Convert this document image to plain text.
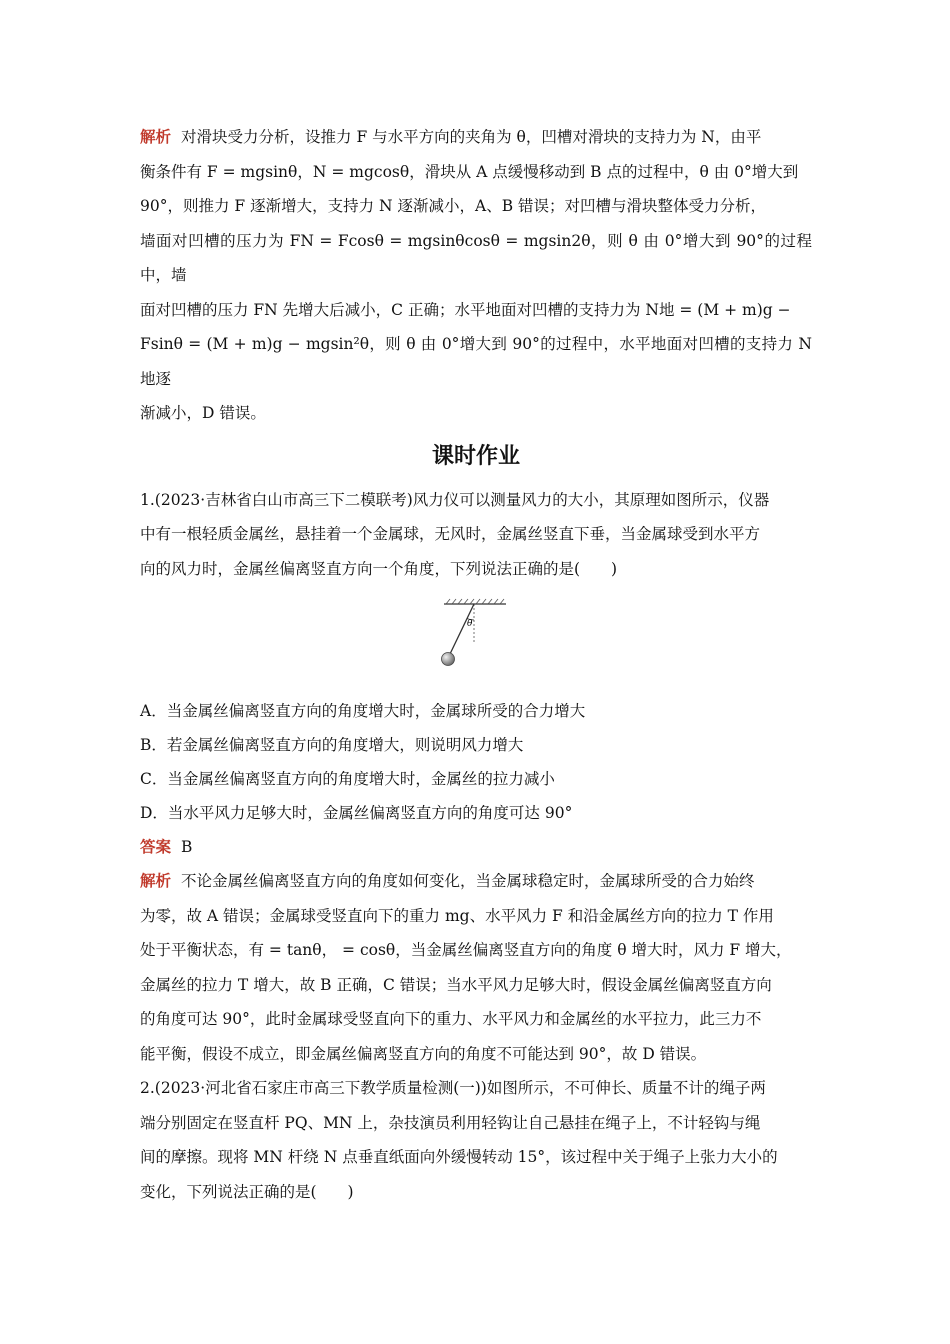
解析 对滑块受力分析，设推力 F 与水平方向的夹角为 θ，凹槽对滑块的支持力为 N，由平
衡条件有 F = mgsinθ，N = mgcosθ，滑块从 A 点缓慢移动到 B 点的过程中，θ 由 0°增大到
90°，则推力 F 逐渐增大，支持力 N 逐渐减小，A、B 错误；对凹槽与滑块整体受力分析，
墙面对凹槽的压力为 FN = Fcosθ = mgsinθcosθ = mgsin2θ，则 θ 由 0°增大到 90°的过程中，墙
面对凹槽的压力 FN 先增大后减小，C 正确；水平地面对凹槽的支持力为 N地 = (M + m)g −
Fsinθ = (M + m)g − mgsin²θ，则 θ 由 0°增大到 90°的过程中，水平地面对凹槽的支持力 N地逐
渐减小，D 错误。
课时作业
1.(2023·吉林省白山市高三下二模联考)风力仪可以测量风力的大小，其原理如图所示，仪器
中有一根轻质金属丝，悬挂着一个金属球，无风时，金属丝竖直下垂，当金属球受到水平方
向的风力时，金属丝偏离竖直方向一个角度，下列说法正确的是(　　)
θ

A．当金属丝偏离竖直方向的角度增大时，金属球所受的合力增大

B．若金属丝偏离竖直方向的角度增大，则说明风力增大

C．当金属丝偏离竖直方向的角度增大时，金属丝的拉力减小

D．当水平风力足够大时，金属丝偏离竖直方向的角度可达 90°

答案 B

解析 不论金属丝偏离竖直方向的角度如何变化，当金属球稳定时，金属球所受的合力始终
为零，故 A 错误；金属球受竖直向下的重力 mg、水平风力 F 和沿金属丝方向的拉力 T 作用
处于平衡状态，有 = tanθ， = cosθ，当金属丝偏离竖直方向的角度 θ 增大时，风力 F 增大，
金属丝的拉力 T 增大，故 B 正确，C 错误；当水平风力足够大时，假设金属丝偏离竖直方向
的角度可达 90°，此时金属球受竖直向下的重力、水平风力和金属丝的水平拉力，此三力不
能平衡，假设不成立，即金属丝偏离竖直方向的角度不可能达到 90°，故 D 错误。
2.(2023·河北省石家庄市高三下教学质量检测(一))如图所示，不可伸长、质量不计的绳子两
端分别固定在竖直杆 PQ、MN 上，杂技演员利用轻钩让自己悬挂在绳子上，不计轻钩与绳
间的摩擦。现将 MN 杆绕 N 点垂直纸面向外缓慢转动 15°，该过程中关于绳子上张力大小的
变化，下列说法正确的是(　　)
